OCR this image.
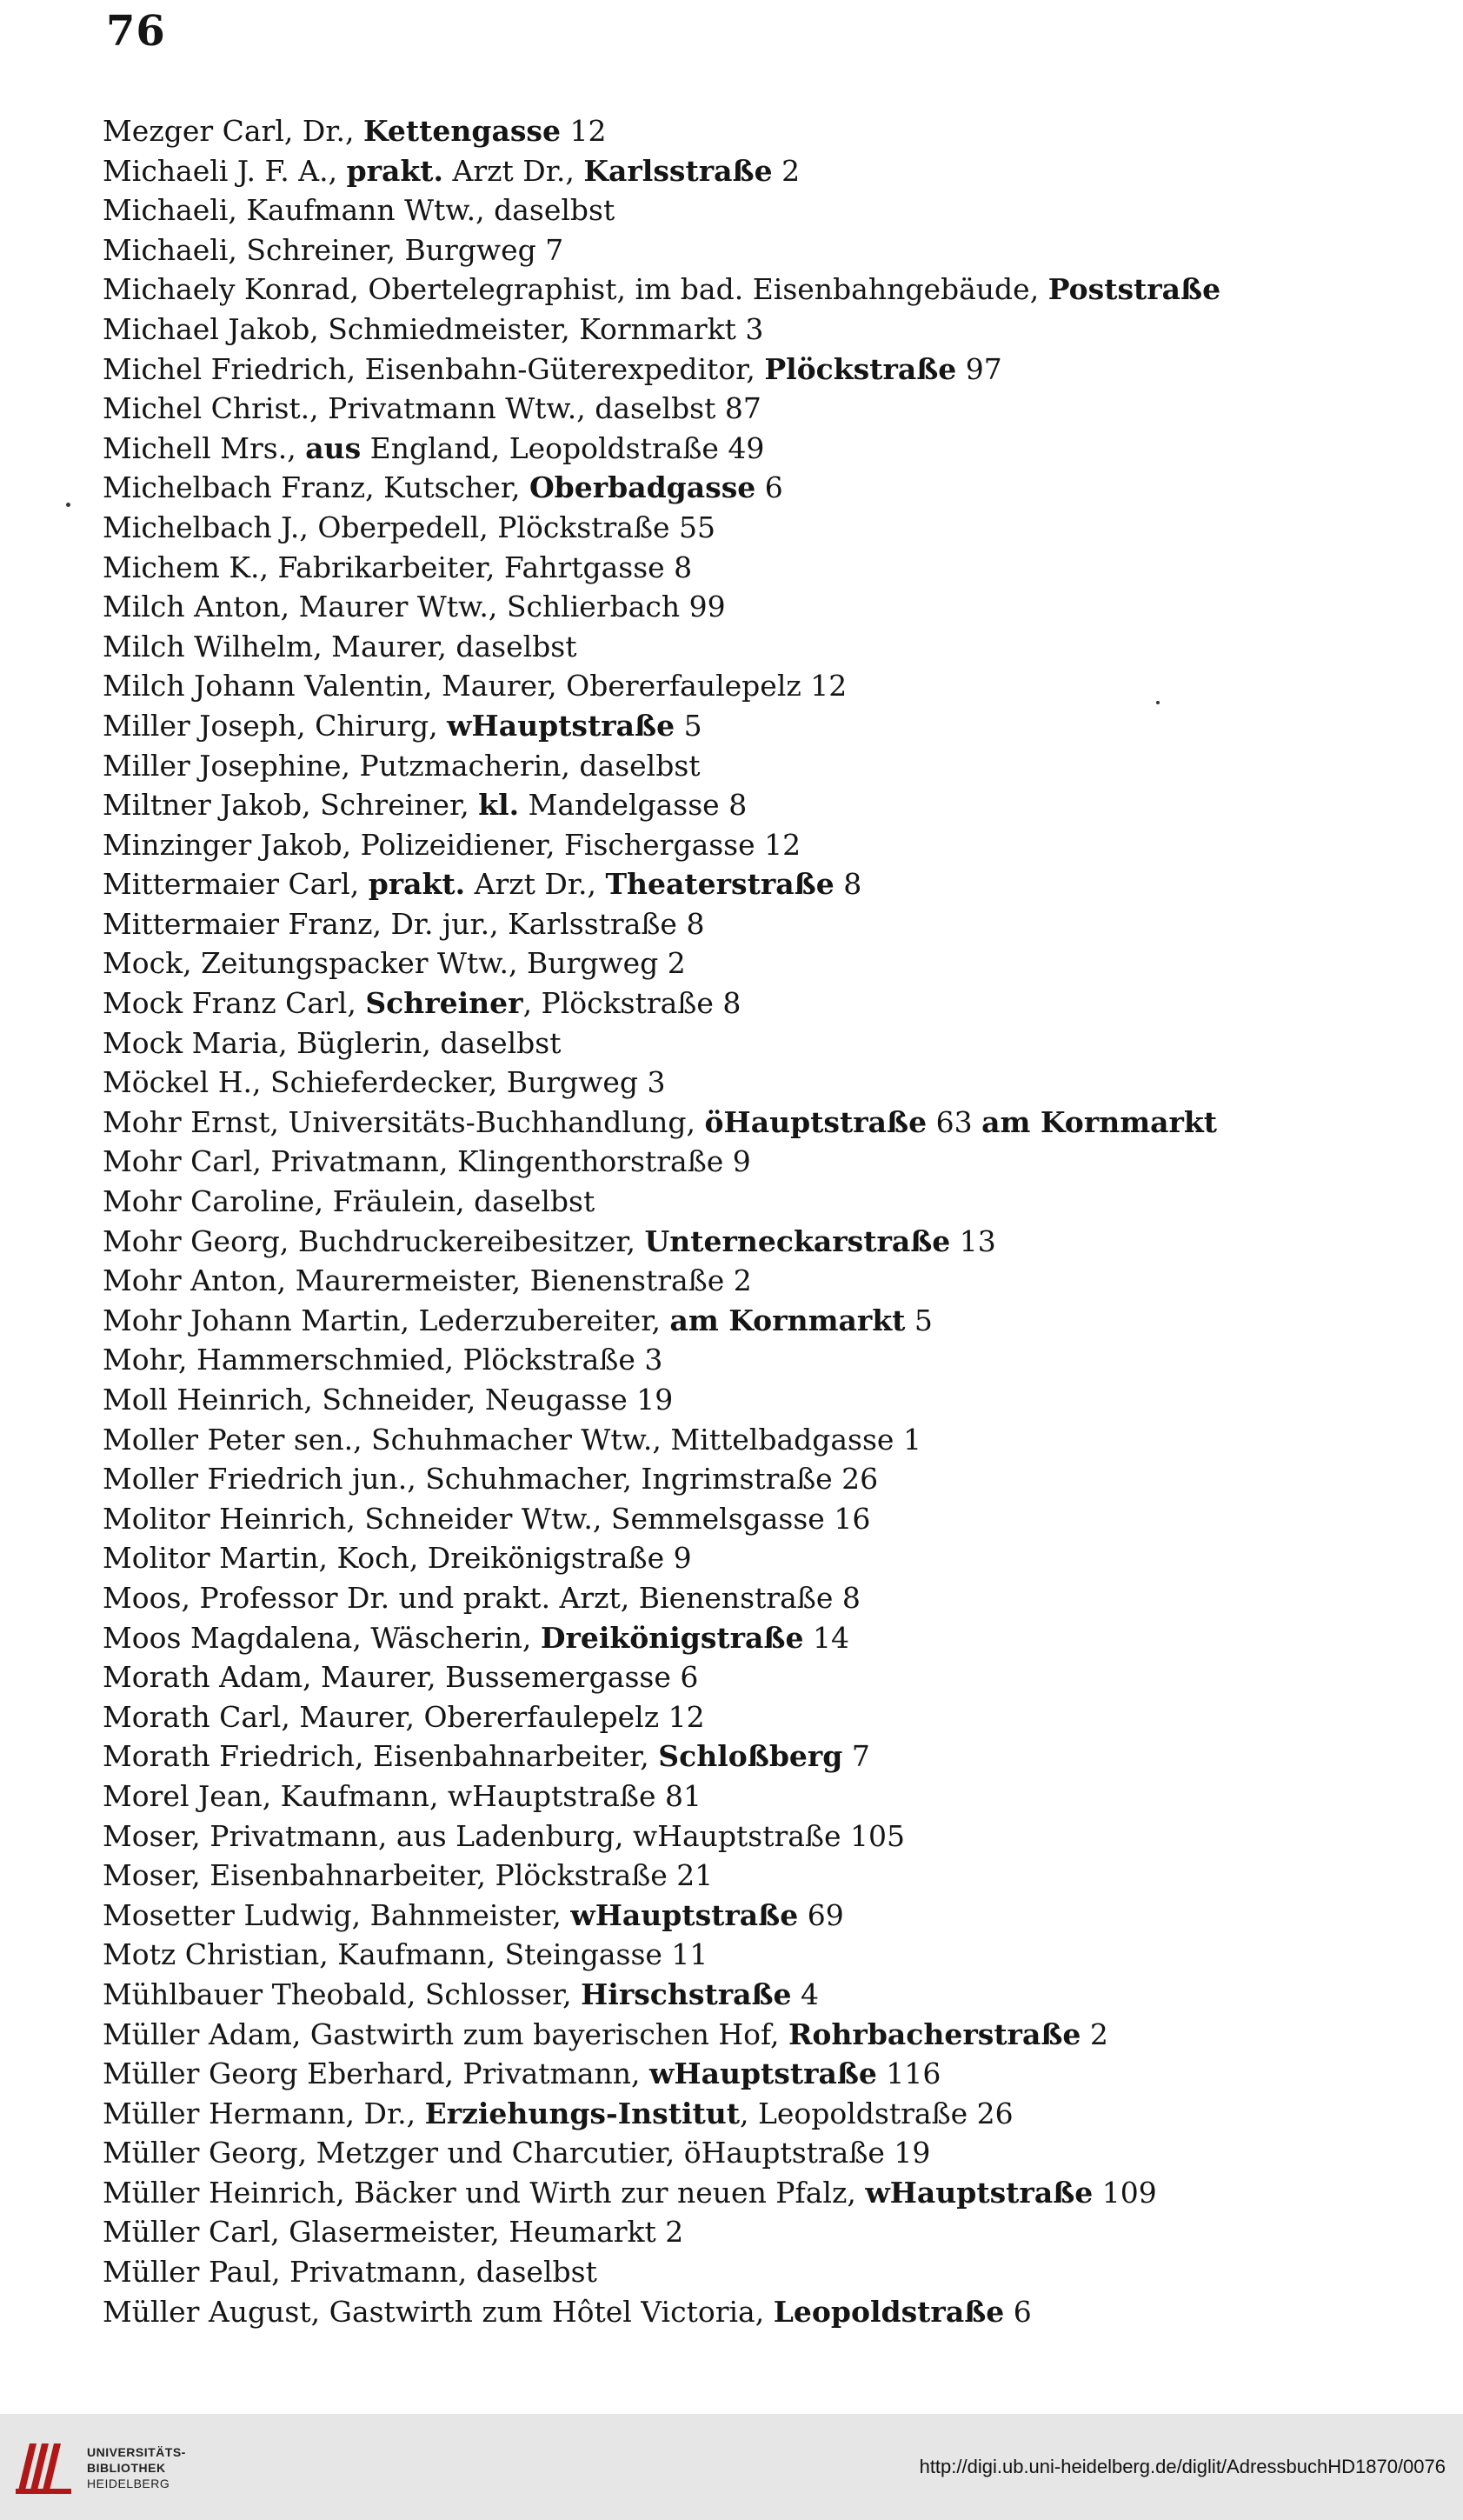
76
Mezger Carl, Dr., Kettengasse 12
Michaeli J. F. A., prakt. Arzt Dr., Karlsstraße 2
Michaeli, Kaufmann Wtw., daselbst
Michaeli, Schreiner, Burgweg 7
Michaely Konrad, Obertelegraphist, im bad. Eisenbahngebäude, Poststraße
Michael Jakob, Schmiedmeister, Kornmarkt 3
Michel Friedrich, Eisenbahn-Güterexpeditor, Plöckstraße 97
Michel Christ., Privatmann Wtw., daselbst 87
Michell Mrs., aus England, Leopoldstraße 49
Michelbach Franz, Kutscher, Oberbadgasse 6
Michelbach J., Oberpedell, Plöckstraße 55
Michem K., Fabrikarbeiter, Fahrtgasse 8
Milch Anton, Maurer Wtw., Schlierbach 99
Milch Wilhelm, Maurer, daselbst
Milch Johann Valentin, Maurer, Obererfaulepelz 12
Miller Joseph, Chirurg, wHauptstraße 5
Miller Josephine, Putzmacherin, daselbst
Miltner Jakob, Schreiner, kl. Mandelgasse 8
Minzinger Jakob, Polizeidiener, Fischergasse 12
Mittermaier Carl, prakt. Arzt Dr., Theaterstraße 8
Mittermaier Franz, Dr. jur., Karlsstraße 8
Mock, Zeitungspacker Wtw., Burgweg 2
Mock Franz Carl, Schreiner, Plöckstraße 8
Mock Maria, Büglerin, daselbst
Möckel H., Schieferdecker, Burgweg 3
Mohr Ernst, Universitäts-Buchhandlung, öHauptstraße 63 am Kornmarkt
Mohr Carl, Privatmann, Klingenthorstraße 9
Mohr Caroline, Fräulein, daselbst
Mohr Georg, Buchdruckereibesitzer, Unterneckarstraße 13
Mohr Anton, Maurermeister, Bienenstraße 2
Mohr Johann Martin, Lederzubereiter, am Kornmarkt 5
Mohr, Hammerschmied, Plöckstraße 3
Moll Heinrich, Schneider, Neugasse 19
Moller Peter sen., Schuhmacher Wtw., Mittelbadgasse 1
Moller Friedrich jun., Schuhmacher, Ingrimstraße 26
Molitor Heinrich, Schneider Wtw., Semmelsgasse 16
Molitor Martin, Koch, Dreikönigstraße 9
Moos, Professor Dr. und prakt. Arzt, Bienenstraße 8
Moos Magdalena, Wäscherin, Dreikönigstraße 14
Morath Adam, Maurer, Bussemergasse 6
Morath Carl, Maurer, Obererfaulepelz 12
Morath Friedrich, Eisenbahnarbeiter, Schloßberg 7
Morel Jean, Kaufmann, wHauptstraße 81
Moser, Privatmann, aus Ladenburg, wHauptstraße 105
Moser, Eisenbahnarbeiter, Plöckstraße 21
Mosetter Ludwig, Bahnmeister, wHauptstraße 69
Motz Christian, Kaufmann, Steingasse 11
Mühlbauer Theobald, Schlosser, Hirschstraße 4
Müller Adam, Gastwirth zum bayerischen Hof, Rohrbacherstraße 2
Müller Georg Eberhard, Privatmann, wHauptstraße 116
Müller Hermann, Dr., Erziehungs-Institut, Leopoldstraße 26
Müller Georg, Metzger und Charcutier, öHauptstraße 19
Müller Heinrich, Bäcker und Wirth zur neuen Pfalz, wHauptstraße 109
Müller Carl, Glasermeister, Heumarkt 2
Müller Paul, Privatmann, daselbst
Müller August, Gastwirth zum Hôtel Victoria, Leopoldstraße 6
UNIVERSITÄTS-
BIBLIOTHEK
HEIDELBERG
http://digi.ub.uni-heidelberg.de/diglit/AdressbuchHD1870/0076
